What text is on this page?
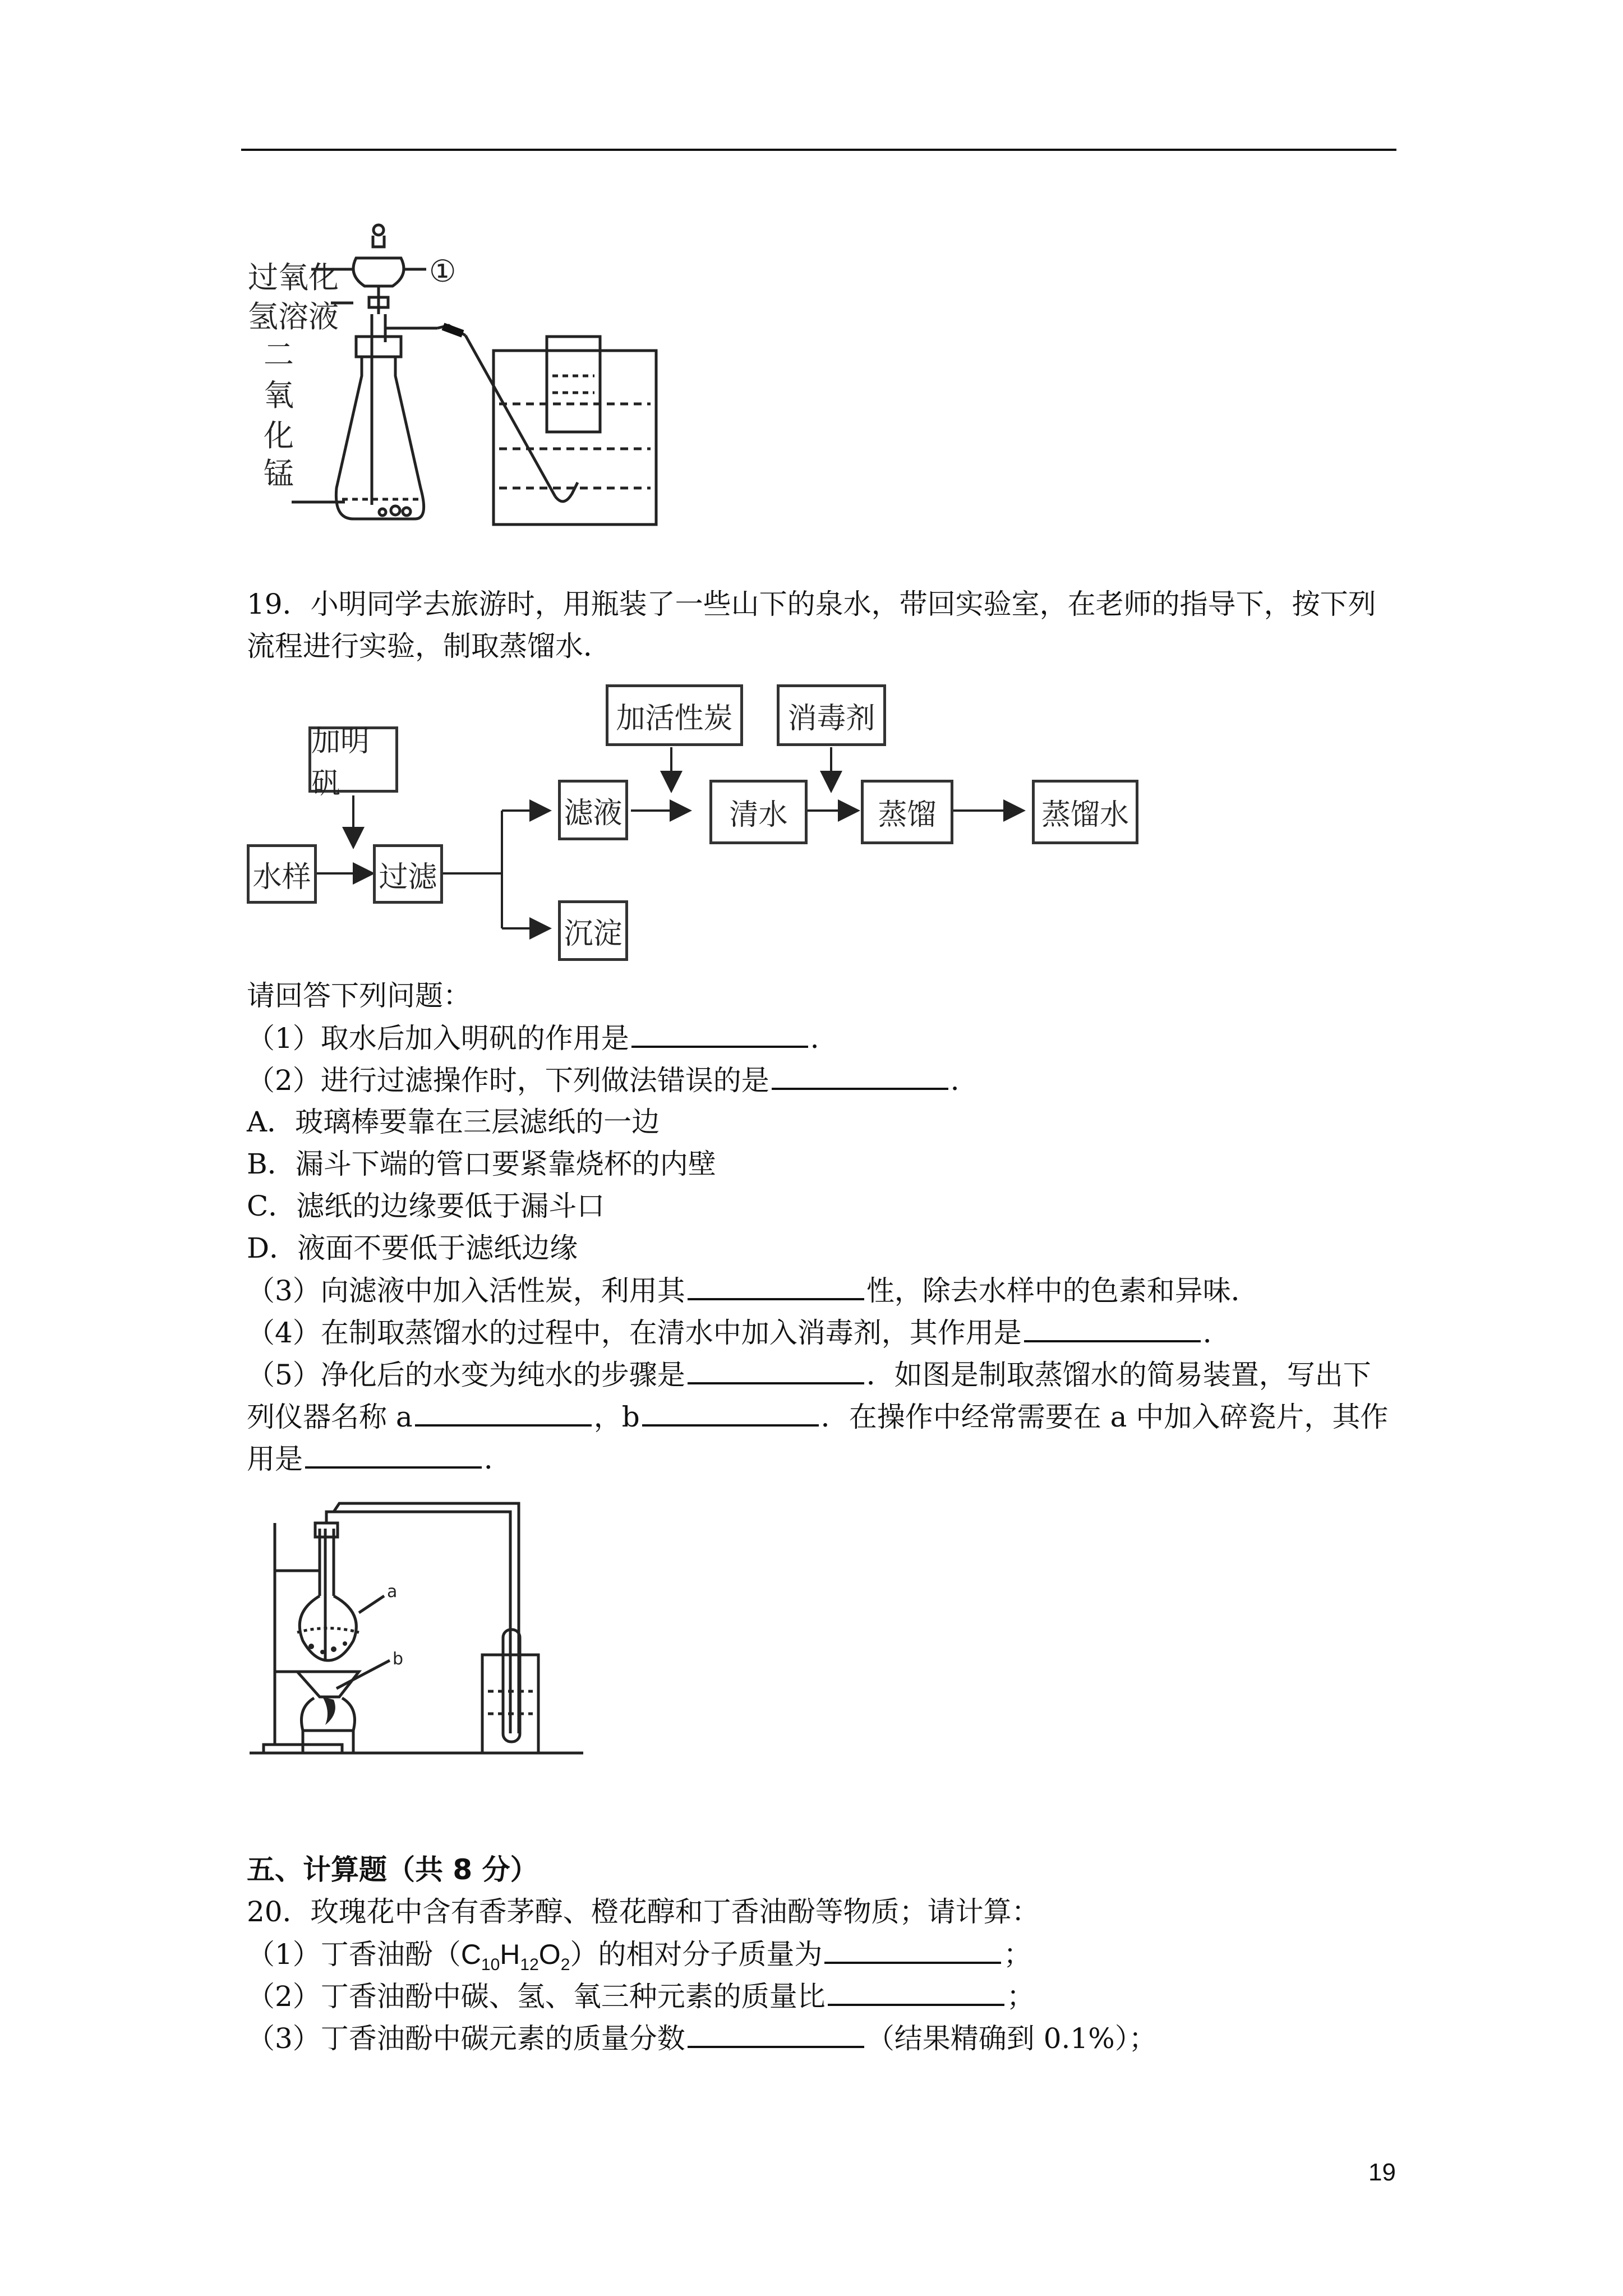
过氧化
氢溶液
二
氧
化
锰
①
19．小明同学去旅游时，用瓶装了一些山下的泉水，带回实验室，在老师的指导下，按下列
流程进行实验，制取蒸馏水．
加明矾
水样 过滤
滤液
沉淀
加活性炭
清水
消毒剂
蒸馏	蒸馏水
请回答下列问题：
（1）取水后加入明矾的作用是	．
（2）进行过滤操作时，下列做法错误的是	．
A．玻璃棒要靠在三层滤纸的一边
B．漏斗下端的管口要紧靠烧杯的内壁
C．滤纸的边缘要低于漏斗口
D．液面不要低于滤纸边缘
（3）向滤液中加入活性炭，利用其	性，除去水样中的色素和异味．
（4）在制取蒸馏水的过程中，在清水中加入消毒剂，其作用是	．
（5）净化后的水变为纯水的步骤是	．如图是制取蒸馏水的简易装置，写出下
列仪器名称 a	，b	．在操作中经常需要在 a 中加入碎瓷片，其作
用是	．
a
b
五、计算题（共 8 分）
20．玫瑰花中含有香茅醇、橙花醇和丁香油酚等物质；请计算：
（1）丁香油酚$(C_{10}H_{12}O_2)$的相对分子质量为	；
（2）丁香油酚中碳、氢、氧三种元素的质量比	；
（3）丁香油酚中碳元素的质量分数	（结果精确到 0.1%）；
19
